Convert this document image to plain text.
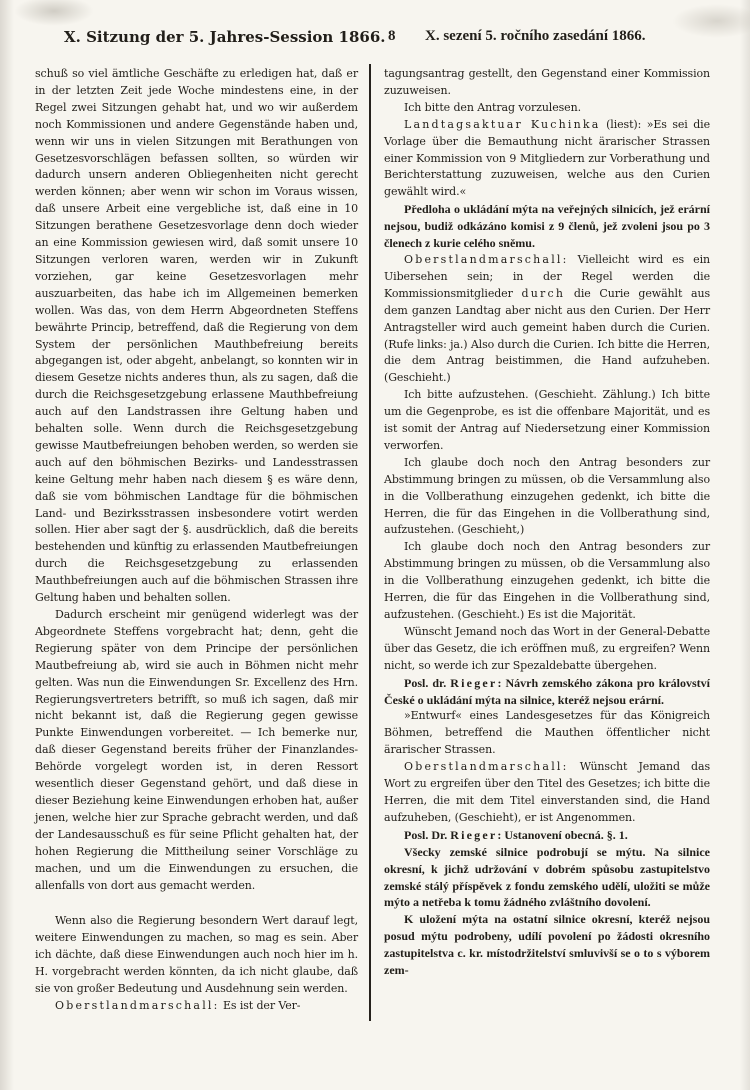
X. Sitzung der 5. Jahres-Session 1866. 8 X. sezení 5. ročního zasedání 1866.

schuß so viel ämtliche Geschäfte zu erledigen hat, daß er in der letzten Zeit jede Woche mindestens eine, in der Regel zwei Sitzungen gehabt hat, und wo wir außerdem noch Kommissionen und andere Gegenstände haben und, wenn wir uns in vielen Sitzungen mit Berathungen von Gesetzesvorschlägen befassen sollten, so würden wir dadurch unsern anderen Obliegenheiten nicht gerecht werden können; aber wenn wir schon im Voraus wissen, daß unsere Arbeit eine vergebliche ist, daß eine in 10 Sitzungen berathene Gesetzesvorlage denn doch wieder an eine Kommission gewiesen wird, daß somit unsere 10 Sitzungen verloren waren, werden wir in Zukunft vorziehen, gar keine Gesetzesvorlagen mehr auszuarbeiten, das habe ich im Allgemeinen bemerken wollen. Was das, von dem Herrn Abgeordneten Steffens bewährte Princip, betreffend, daß die Regierung von dem System der persönlichen Mauthbefreiung bereits abgegangen ist, oder abgeht, anbelangt, so konnten wir in diesem Gesetze nichts anderes thun, als zu sagen, daß die durch die Reichsgesetzgebung erlassene Mauthbefreiung auch auf den Landstrassen ihre Geltung haben und behalten solle. Wenn durch die Reichsgesetzgebung gewisse Mautbefreiungen behoben werden, so werden sie auch auf den böhmischen Bezirks- und Landesstrassen keine Geltung mehr haben nach diesem § es wäre denn, daß sie vom böhmischen Landtage für die böhmischen Land- und Bezirksstrassen insbesondere votirt werden sollen. Hier aber sagt der §. ausdrücklich, daß die bereits bestehenden und künftig zu erlassenden Mautbefreiungen durch die Reichsgesetzgebung zu erlassenden Mauthbefreiungen auch auf die böhmischen Strassen ihre Geltung haben und behalten sollen.

Dadurch erscheint mir genügend widerlegt was der Abgeordnete Steffens vorgebracht hat; denn, geht die Regierung später von dem Principe der persönlichen Mautbefreiung ab, wird sie auch in Böhmen nicht mehr gelten. Was nun die Einwendungen Sr. Excellenz des Hrn. Regierungsvertreters betrifft, so muß ich sagen, daß mir nicht bekannt ist, daß die Regierung gegen gewisse Punkte Einwendungen vorbereitet. — Ich bemerke nur, daß dieser Gegenstand bereits früher der Finanzlandes-Behörde vorgelegt worden ist, in deren Ressort wesentlich dieser Gegenstand gehört, und daß diese in dieser Beziehung keine Einwendungen erhoben hat, außer jenen, welche hier zur Sprache gebracht werden, und daß der Landesausschuß es für seine Pflicht gehalten hat, der hohen Regierung die Mittheilung seiner Vorschläge zu machen, und um die Einwendungen zu ersuchen, die allenfalls von dort aus gemacht werden.

Wenn also die Regierung besondern Wert darauf legt, weitere Einwendungen zu machen, so mag es sein. Aber ich dächte, daß diese Einwendungen auch noch hier im h. H. vorgebracht werden könnten, da ich nicht glaube, daß sie von großer Bedeutung und Ausdehnung sein werden.

Oberstlandmarschall: Es ist der Ver-

tagungsantrag gestellt, den Gegenstand einer Kommission zuzuweisen.

Ich bitte den Antrag vorzulesen.

Landtagsaktuar Kuchinka (liest): »Es sei die Vorlage über die Bemauthung nicht ärarischer Strassen einer Kommission von 9 Mitgliedern zur Vorberathung und Berichterstattung zuzuweisen, welche aus den Curien gewählt wird.«

Předloha o ukládání mýta na veřejných silnicích, jež erární nejsou, budiž odkázáno komisi z 9 členů, jež zvoleni jsou po 3 členech z kurie celého sněmu.

Oberstlandmarschall: Vielleicht wird es ein Uibersehen sein; in der Regel werden die Kommissionsmitglieder durch die Curie gewählt aus dem ganzen Landtag aber nicht aus den Curien. Der Herr Antragsteller wird auch gemeint haben durch die Curien. (Rufe links: ja.) Also durch die Curien. Ich bitte die Herren, die dem Antrag beistimmen, die Hand aufzuheben. (Geschieht.)

Ich bitte aufzustehen. (Geschieht. Zählung.) Ich bitte um die Gegenprobe, es ist die offenbare Majorität, und es ist somit der Antrag auf Niedersetzung einer Kommission verworfen.

Ich glaube doch noch den Antrag besonders zur Abstimmung bringen zu müssen, ob die Versammlung also in die Vollberathung einzugehen gedenkt, ich bitte die Herren, die für das Eingehen in die Vollberathung sind, aufzustehen. (Geschieht,)

Ich glaube doch noch den Antrag besonders zur Abstimmung bringen zu müssen, ob die Versammlung also in die Vollberathung einzugehen gedenkt, ich bitte die Herren, die für das Eingehen in die Vollberathung sind, aufzustehen. (Geschieht.) Es ist die Majorität.

Wünscht Jemand noch das Wort in der General-Debatte über das Gesetz, die ich eröffnen muß, zu ergreifen? Wenn nicht, so werde ich zur Spezaldebatte übergehen.

Posl. dr. Rieger: Návrh zemského zákona pro království České o ukládání mýta na silnice, kteréž nejsou erární.

»Entwurf« eines Landesgesetzes für das Königreich Böhmen, betreffend die Mauthen öffentlicher nicht ärarischer Strassen.

Oberstlandmarschall: Wünscht Jemand das Wort zu ergreifen über den Titel des Gesetzes; ich bitte die Herren, die mit dem Titel einverstanden sind, die Hand aufzuheben, (Geschieht), er ist Angenommen.

Posl. Dr. Rieger: Ustanovení obecná. §. 1.

Všecky zemské silnice podrobují se mýtu. Na silnice okresní, k jichž udržování v dobrém spůsobu zastupitelstvo zemské stálý příspěvek z fondu zemského udělí, uložiti se může mýto a netřeba k tomu žádného zvláštního dovolení.

K uložení mýta na ostatní silnice okresní, kteréž nejsou posud mýtu podrobeny, udílí povolení po žádosti okresního zastupitelstva c. kr. místodržitelství smluvivší se o to s výborem zem-
